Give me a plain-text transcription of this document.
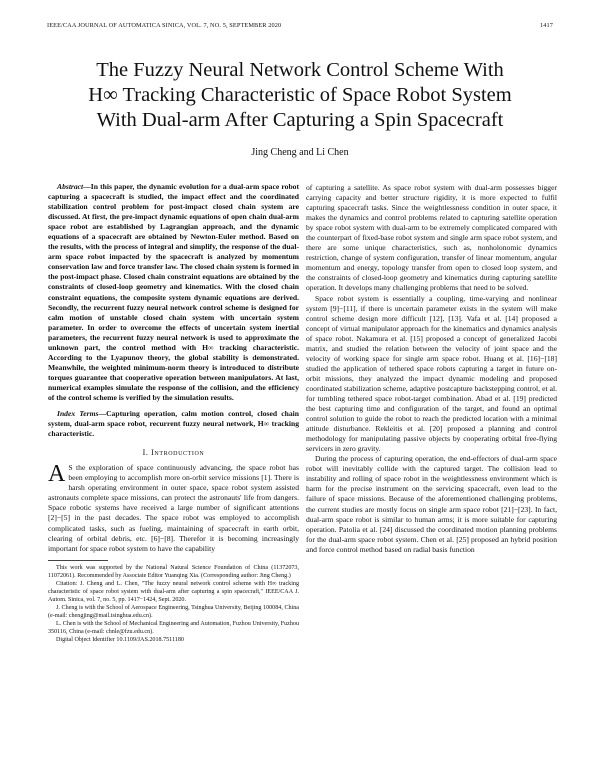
IEEE/CAA JOURNAL OF AUTOMATICA SINICA, VOL. 7, NO. 5, SEPTEMBER 2020	1417
The Fuzzy Neural Network Control Scheme With
H∞ Tracking Characteristic of Space Robot System
With Dual-arm After Capturing a Spin Spacecraft
Jing Cheng and Li Chen

Abstract—In this paper, the dynamic evolution for a dual-arm space robot capturing a spacecraft is studied, the impact effect and the coordinated stabilization control problem for post-impact closed chain system are discussed. At first, the pre-impact dynamic equations of open chain dual-arm space robot are established by Lagrangian approach, and the dynamic equations of a spacecraft are obtained by Newton-Euler method. Based on the results, with the process of integral and simplify, the response of the dual-arm space robot impacted by the spacecraft is analyzed by momentum conservation law and force transfer law. The closed chain system is formed in the post-impact phase. Closed chain constraint equations are obtained by the constraints of closed-loop geometry and kinematics. With the closed chain constraint equations, the composite system dynamic equations are derived. Secondly, the recurrent fuzzy neural network control scheme is designed for calm motion of unstable closed chain system with uncertain system parameter. In order to overcome the effects of uncertain system inertial parameters, the recurrent fuzzy neural network is used to approximate the unknown part, the control method with H∞ tracking characteristic. According to the Lyapunov theory, the global stability is demonstrated. Meanwhile, the weighted minimum-norm theory is introduced to distribute torques guarantee that cooperative operation between manipulators. At last, numerical examples simulate the response of the collision, and the efficiency of the control scheme is verified by the simulation results.

Index Terms—Capturing operation, calm motion control, closed chain system, dual-arm space robot, recurrent fuzzy neural network, H∞ tracking characteristic.

I. Introduction

A S the exploration of space continuously advancing, the space robot has been employing to accomplish more on-orbit service missions [1]. There is harsh operating environment in outer space, space robot system assisted astronauts complete space missions, can protect the astronauts' life from dangers. Space robotic systems have received a large number of significant attentions [2]−[5] in the past decades. The space robot was employed to accomplish complicated tasks, such as fueling, maintaining of spacecraft in earth orbit, clearing of orbital debris, etc. [6]−[8]. Therefor it is becoming increasingly important for space robot system to have the capability

This work was supported by the National Natural Science Foundation of China (11372073, 11072061). Recommended by Associate Editor Yuanqing Xia. (Corresponding author: Jing Cheng.)

Citation: J. Cheng and L. Chen, "The fuzzy neural network control scheme with H∞ tracking characteristic of space robot system with dual-arm after capturing a spin spacecraft," IEEE/CAA J. Autom. Sinica, vol. 7, no. 5, pp. 1417−1424, Sept. 2020.

J. Cheng is with the School of Aerospace Engineering, Tsinghua University, Beijing 100084, China (e-mail: chengjing@mail.tsinghua.edu.cn).

L. Chen is with the School of Mechanical Engineering and Automation, Fuzhou University, Fuzhou 350116, China (e-mail: chnle@fzu.edu.cn).

Digital Object Identifier 10.1109/JAS.2018.7511180

of capturing a satellite. As space robot system with dual-arm possesses bigger carrying capacity and better structure rigidity, it is more expected to fulfil capturing spacecraft tasks. Since the weightlessness condition in outer space, it makes the dynamics and control problems related to capturing satellite operation by space robot system with dual-arm to be extremely complicated compared with the counterpart of fixed-base robot system and single arm space robot system, and there are some unique characteristics, such as, nonholonomic dynamics restriction, change of system configuration, transfer of linear momentum, angular momentum and energy, topology transfer from open to closed loop system, and the constraints of closed-loop geometry and kinematics during capturing satellite operation. It develops many challenging problems that need to be solved.

Space robot system is essentially a coupling, time-varying and nonlinear system [9]−[11], if there is uncertain parameter exists in the system will make control scheme design more difficult [12], [13]. Vafa et al. [14] proposed a concept of virtual manipulator approach for the kinematics and dynamics analysis of space robot. Nakamura et al. [15] proposed a concept of generalized Jacobi matrix, and studied the relation between the velocity of joint space and the velocity of working space for single arm space robot. Huang et al. [16]−[18] studied the application of tethered space robots capturing a target in future on-orbit missions, they analyzed the impact dynamic modeling and proposed coordinated stabilization scheme, adaptive postcapture backstepping control, et al. for tumbling tethered space robot-target combination. Abad et al. [19] predicted the best capturing time and configuration of the target, and found an optimal control solution to guide the robot to reach the predicted location with a minimal attitude disturbance. Rekleitis et al. [20] proposed a planning and control methodology for manipulating passive objects by cooperating orbital free-flying servicers in zero gravity.

During the process of capturing operation, the end-effectors of dual-arm space robot will inevitably collide with the captured target. The collision lead to instability and rolling of space robot in the weightlessness environment which is harm for the precise instrument on the servicing spacecraft, even lead to the failure of space missions. Because of the aforementioned challenging problems, the current studies are mostly focus on single arm space robot [21]−[23]. In fact, dual-arm space robot is similar to human arms; it is more suitable for capturing operation. Patolia et al. [24] discussed the coordinated motion planning problems for the dual-arm space robot system. Chen et al. [25] proposed an hybrid position and force control method based on radial basis function
